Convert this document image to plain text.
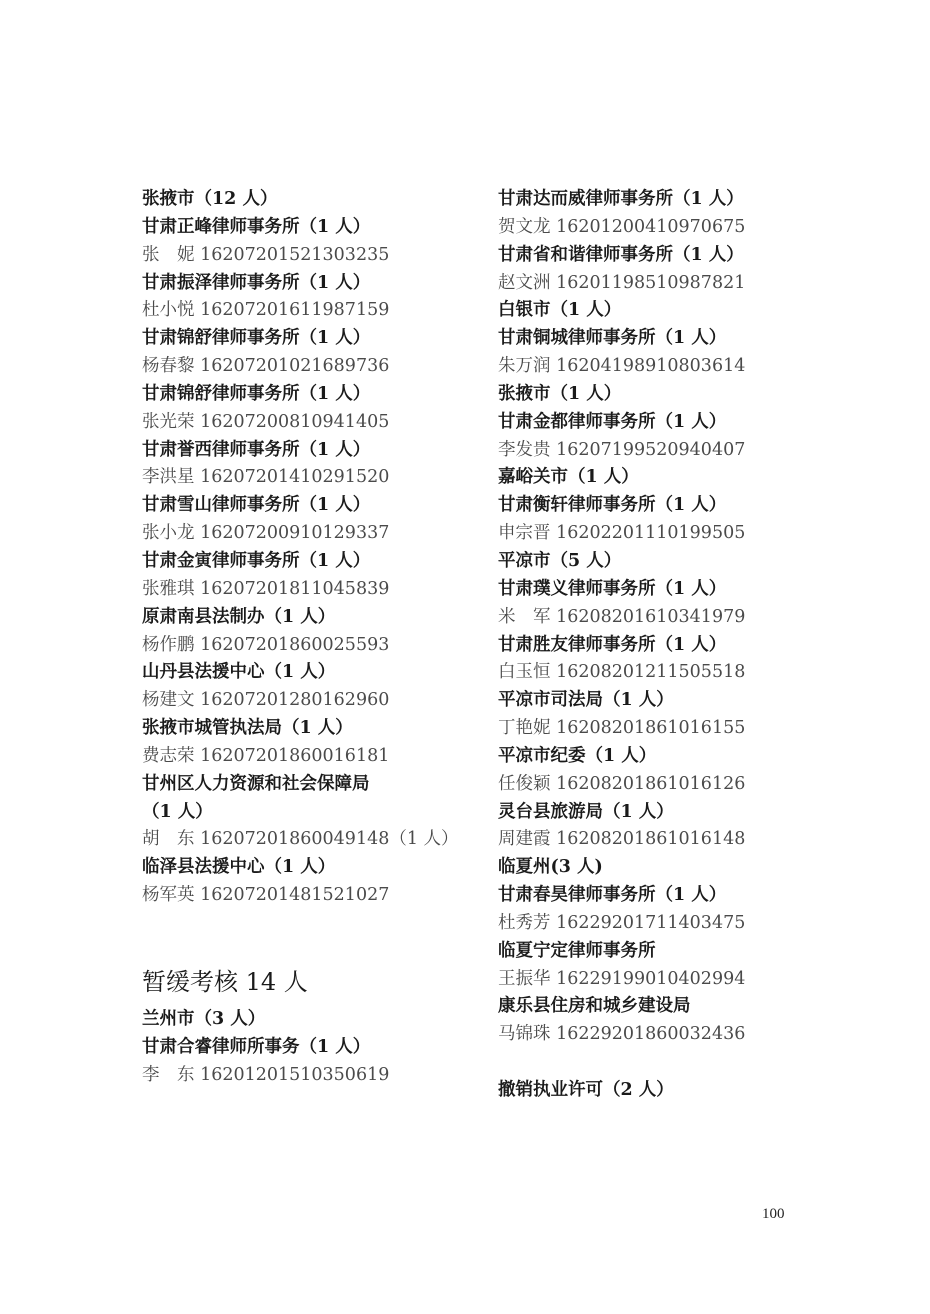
张掖市（12 人）
甘肃正峰律师事务所（1 人）
张　妮 16207201521303235
甘肃振泽律师事务所（1 人）
杜小悦 16207201611987159
甘肃锦舒律师事务所（1 人）
杨春黎 16207201021689736
甘肃锦舒律师事务所（1 人）
张光荣 16207200810941405
甘肃誉西律师事务所（1 人）
李洪星 16207201410291520
甘肃雪山律师事务所（1 人）
张小龙 16207200910129337
甘肃金寅律师事务所（1 人）
张雅琪 16207201811045839
原肃南县法制办（1 人）
杨作鹏 16207201860025593
山丹县法援中心（1 人）
杨建文 16207201280162960
张掖市城管执法局（1 人）
费志荣 16207201860016181
甘州区人力资源和社会保障局
（1 人）
胡　东 16207201860049148（1 人）
临泽县法援中心（1 人）
杨军英 16207201481521027
暂缓考核 14 人
兰州市（3 人）
甘肃合睿律师所事务（1 人）
李　东 16201201510350619
甘肃达而威律师事务所（1 人）
贺文龙 16201200410970675
甘肃省和谐律师事务所（1 人）
赵文洲 16201198510987821
白银市（1 人）
甘肃铜城律师事务所（1 人）
朱万润 16204198910803614
张掖市（1 人）
甘肃金都律师事务所（1 人）
李发贵 16207199520940407
嘉峪关市（1 人）
甘肃衡轩律师事务所（1 人）
申宗晋 16202201110199505
平凉市（5 人）
甘肃璞义律师事务所（1 人）
米　军 16208201610341979
甘肃胜友律师事务所（1 人）
白玉恒 16208201211505518
平凉市司法局（1 人）
丁艳妮 16208201861016155
平凉市纪委（1 人）
任俊颖 16208201861016126
灵台县旅游局（1 人）
周建霞 16208201861016148
临夏州(3 人)
甘肃春昊律师事务所（1 人）
杜秀芳 16229201711403475
临夏宁定律师事务所
王振华 16229199010402994
康乐县住房和城乡建设局
马锦珠 16229201860032436
撤销执业许可（2 人）
100
